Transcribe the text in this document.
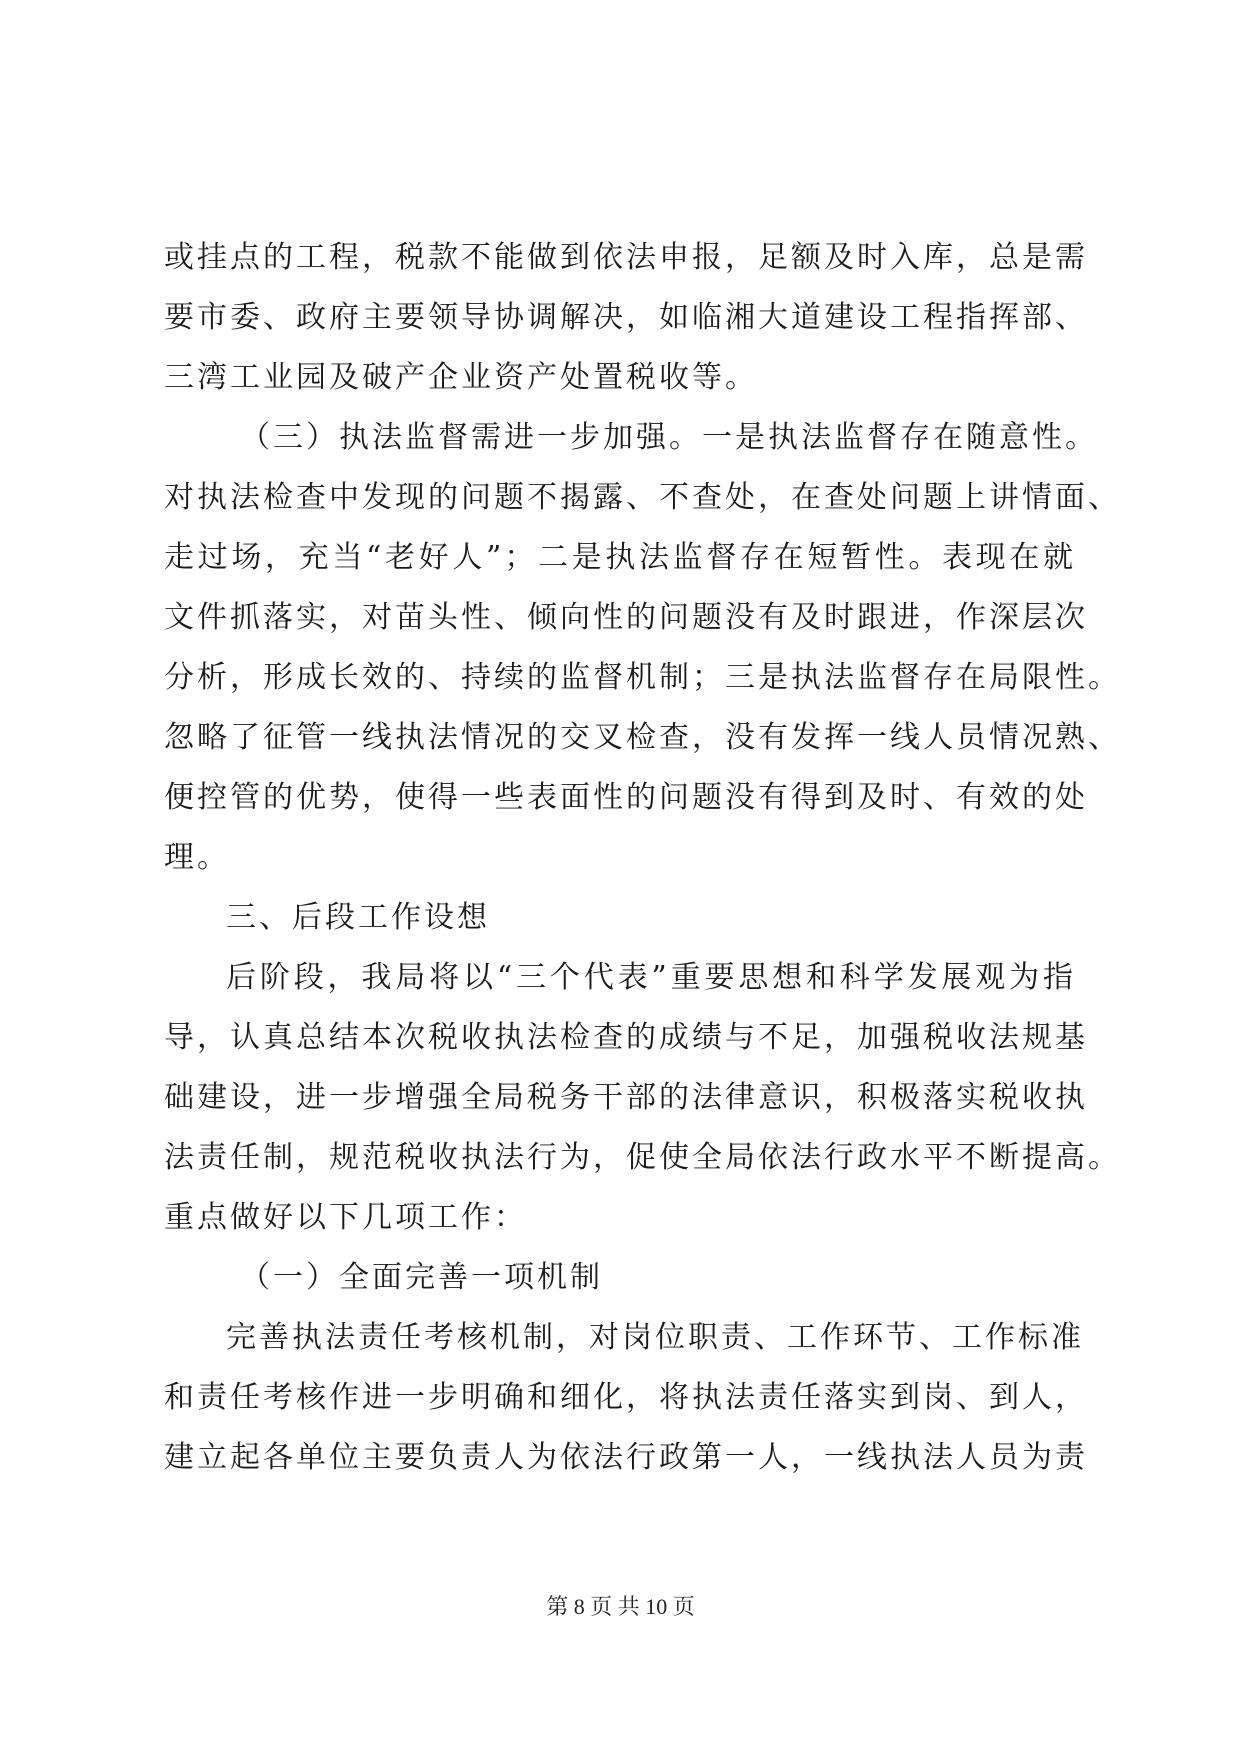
或挂点的工程，税款不能做到依法申报，足额及时入库，总是需
要市委、政府主要领导协调解决，如临湘大道建设工程指挥部、
三湾工业园及破产企业资产处置税收等。
（三）执法监督需进一步加强。一是执法监督存在随意性。
对执法检查中发现的问题不揭露、不查处，在查处问题上讲情面、
走过场，充当“老好人”；二是执法监督存在短暂性。表现在就
文件抓落实，对苗头性、倾向性的问题没有及时跟进，作深层次
分析，形成长效的、持续的监督机制；三是执法监督存在局限性。
忽略了征管一线执法情况的交叉检查，没有发挥一线人员情况熟、
便控管的优势，使得一些表面性的问题没有得到及时、有效的处
理。
三、后段工作设想
后阶段，我局将以“三个代表”重要思想和科学发展观为指
导，认真总结本次税收执法检查的成绩与不足，加强税收法规基
础建设，进一步增强全局税务干部的法律意识，积极落实税收执
法责任制，规范税收执法行为，促使全局依法行政水平不断提高。
重点做好以下几项工作：
（一）全面完善一项机制
完善执法责任考核机制，对岗位职责、工作环节、工作标准
和责任考核作进一步明确和细化，将执法责任落实到岗、到人，
建立起各单位主要负责人为依法行政第一人，一线执法人员为责
第 8 页 共 10 页
